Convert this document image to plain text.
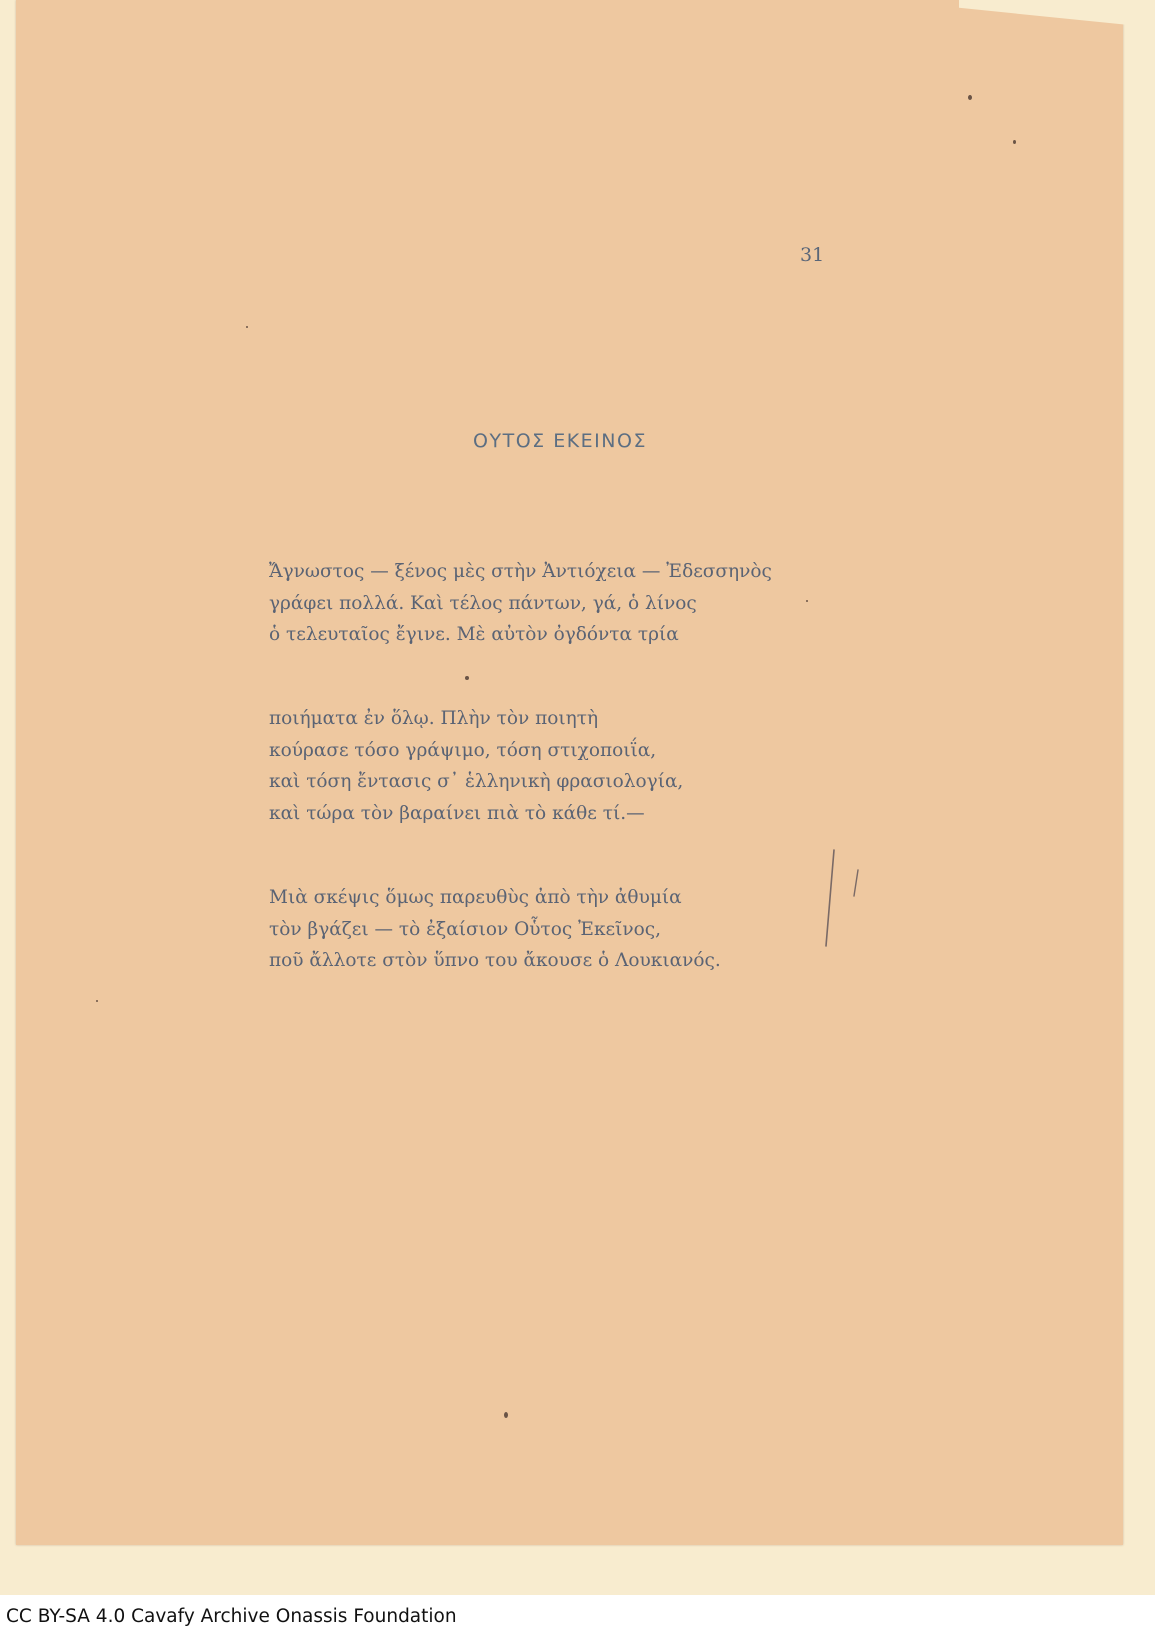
31
ΟΥΤΟΣ ΕΚΕΙΝΟΣ
Ἄγνωστος — ξένος μὲς στὴν Ἀντιόχεια — Ἐδεσσηνὸς
γράφει πολλά. Καὶ τέλος πάντων, γά, ὁ λίνος
ὁ τελευταῖος ἔγινε. Μὲ αὐτὸν ὀγδόντα τρία
ποιήματα ἐν ὅλῳ. Πλὴν τὸν ποιητὴ
κούρασε τόσο γράψιμο, τόση στιχοποιΐα,
καὶ τόση ἔντασις σ᾿ ἑλληνικὴ φρασιολογία,
καὶ τώρα τὸν βαραίνει πιὰ τὸ κάθε τί.—
Μιὰ σκέψις ὅμως παρευθὺς ἀπὸ τὴν ἀθυμία
τὸν βγάζει — τὸ ἐξαίσιον Οὗτος Ἐκεῖνος,
ποῦ ἄλλοτε στὸν ὕπνο του ἄκουσε ὁ Λουκιανός.
CC BY-SA 4.0 Cavafy Archive Onassis Foundation
